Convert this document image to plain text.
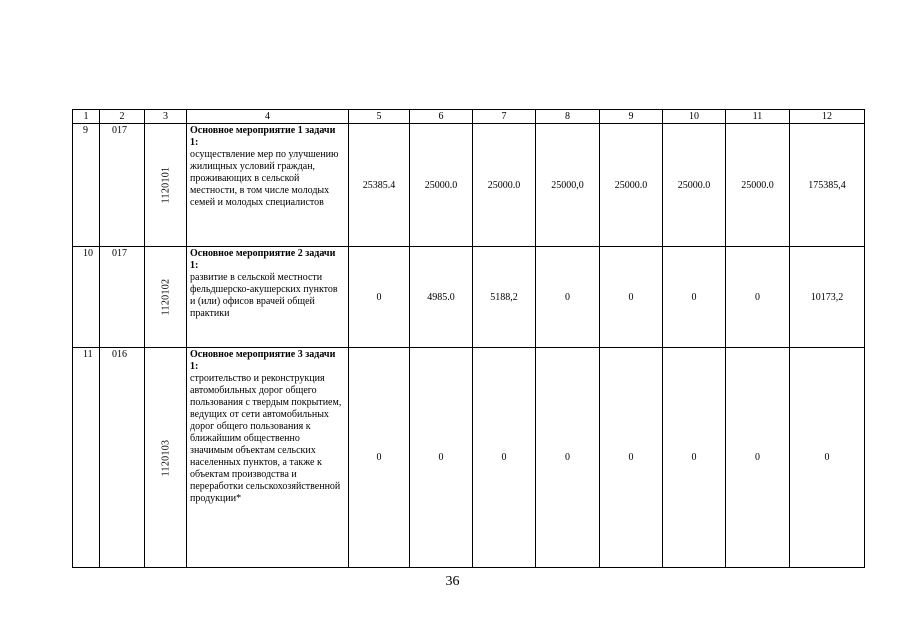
1	2	3	4	5	6	7	8	9	10	11	12
9	017	1120101	Основное мероприятие 1 задачи 1:
осуществление мер по улучшению жилищных условий граждан, проживающих в сельской местности, в том числе молодых семей и молодых специалистов	25385.4	25000.0	25000.0	25000,0	25000.0	25000.0	25000.0	175385,4
10	017	1120102	Основное мероприятие 2 задачи 1:
развитие в сельской местности фельдшерско-акушерских пунктов и (или) офисов врачей общей практики	0	4985.0	5188,2	0	0	0	0	10173,2
11	016	1120103	Основное мероприятие 3 задачи 1:
строительство и реконструкция автомобильных дорог общего пользования с твердым покрытием, ведущих от сети автомобильных дорог общего пользования к ближайшим общественно значимым объектам сельских населенных пунктов, а также к объектам производства и переработки сельскохозяйственной продукции*	0	0	0	0	0	0	0	0
36
